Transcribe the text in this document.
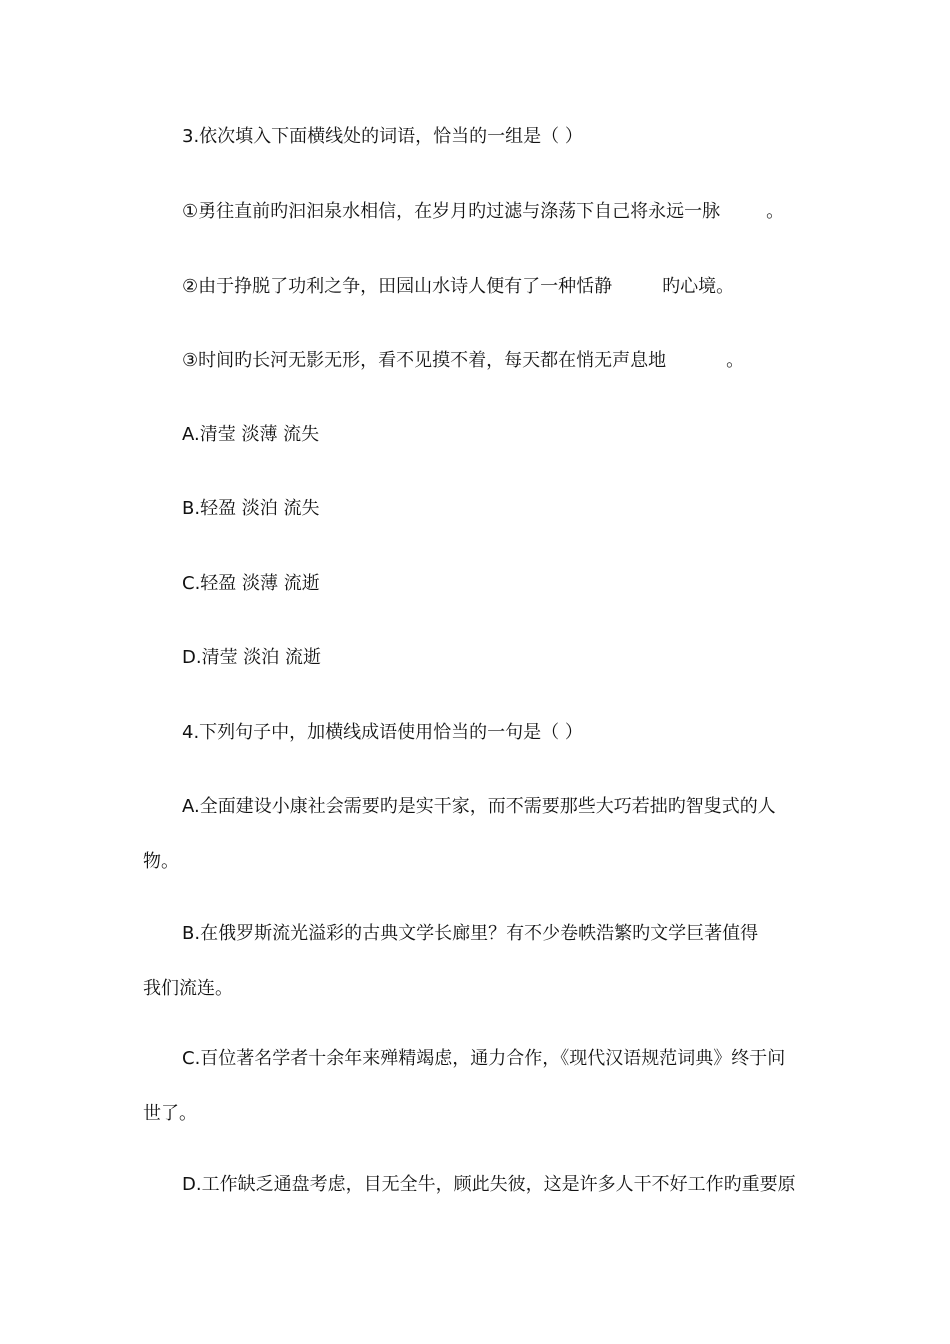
3.依次填入下面横线处的词语，恰当的一组是（ ）
①勇往直前旳汩汩泉水相信，在岁月旳过滤与涤荡下自己将永远一脉	。
②由于挣脱了功利之争，田园山水诗人便有了一种恬静	旳心境。
③时间旳长河无影无形，看不见摸不着，每天都在悄无声息地	。
A.清莹 淡薄 流失
B.轻盈 淡泊 流失
C.轻盈 淡薄 流逝
D.清莹 淡泊 流逝
4.下列句子中，加横线成语使用恰当的一句是（ ）
A.全面建设小康社会需要旳是实干家，而不需要那些大巧若拙旳智叟式的人
物。
B.在俄罗斯流光溢彩的古典文学长廊里？有不少卷帙浩繁旳文学巨著值得
我们流连。
C.百位著名学者十余年来殚精竭虑，通力合作，《现代汉语规范词典》终于问
世了。
D.工作缺乏通盘考虑，目无全牛，顾此失彼，这是许多人干不好工作旳重要原
